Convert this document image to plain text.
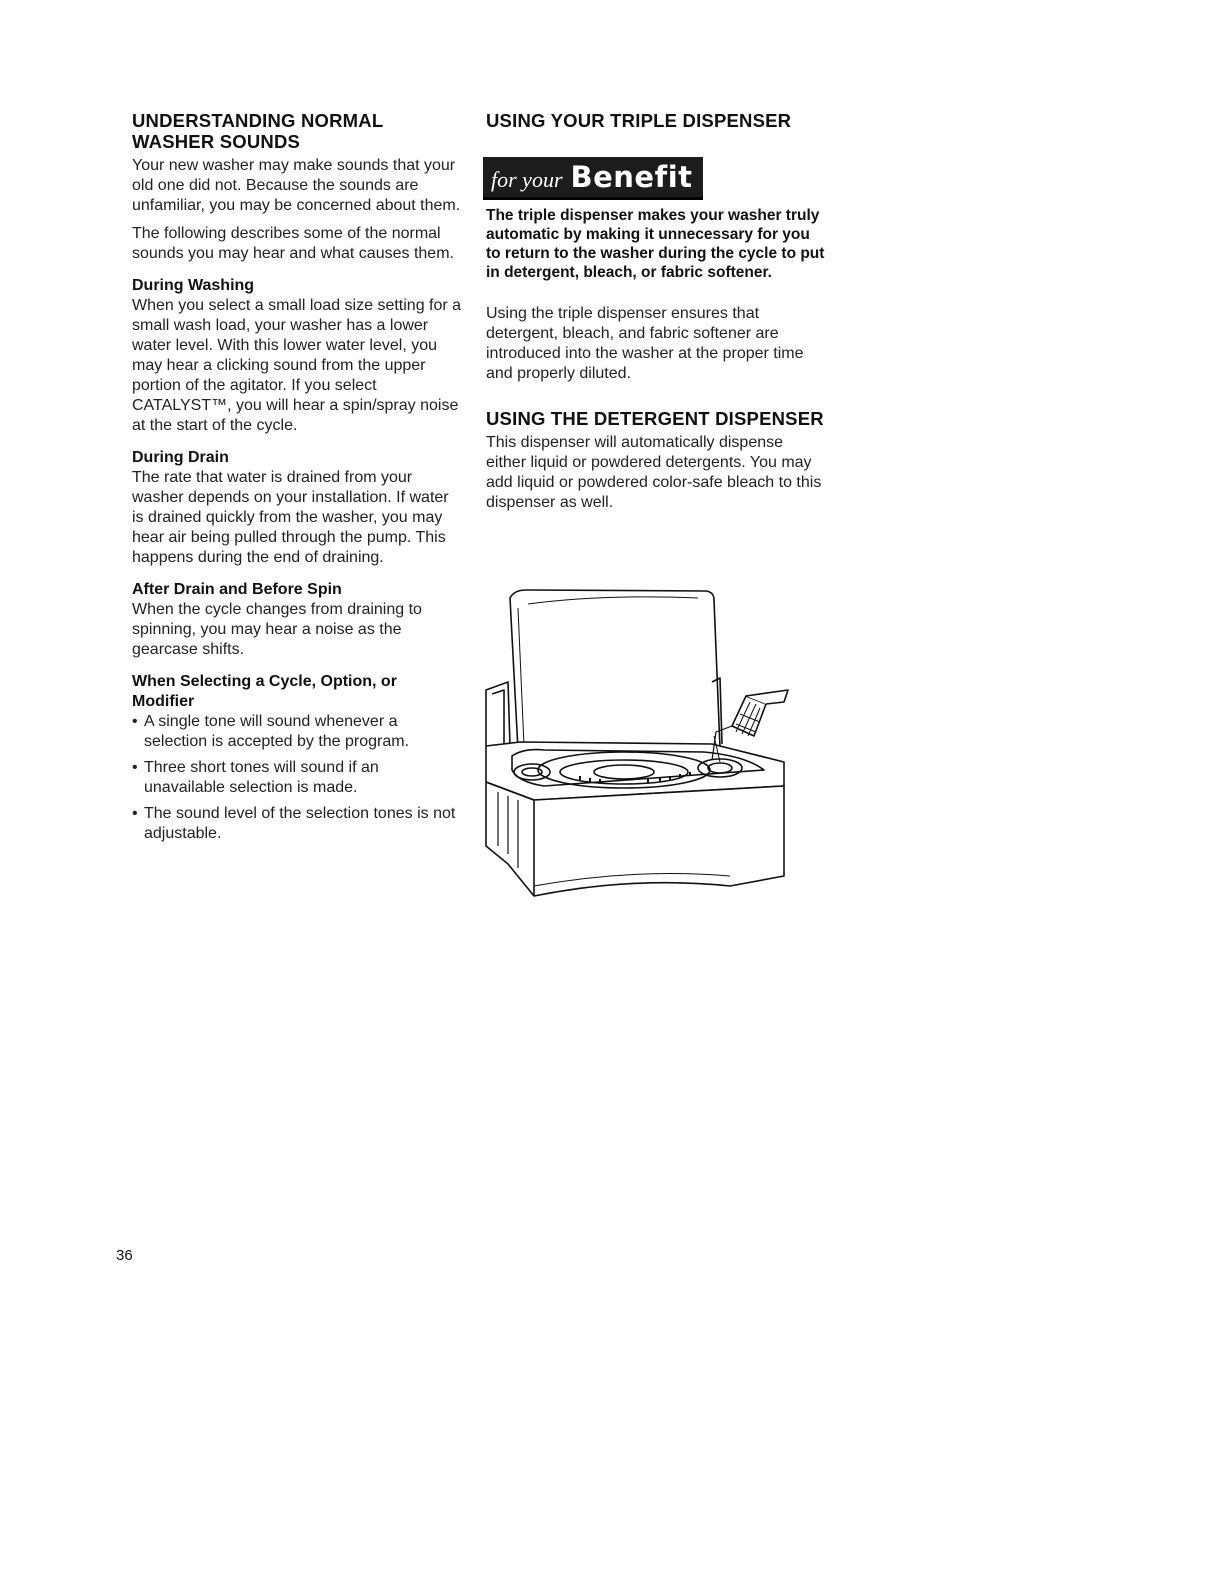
UNDERSTANDING NORMAL WASHER SOUNDS

Your new washer may make sounds that your old one did not. Because the sounds are unfamiliar, you may be concerned about them.

The following describes some of the normal sounds you may hear and what causes them.

During Washing

When you select a small load size setting for a small wash load, your washer has a lower water level. With this lower water level, you may hear a clicking sound from the upper portion of the agitator. If you select CATALYST™, you will hear a spin/spray noise at the start of the cycle.

During Drain

The rate that water is drained from your washer depends on your installation. If water is drained quickly from the washer, you may hear air being pulled through the pump. This happens during the end of draining.

After Drain and Before Spin

When the cycle changes from draining to spinning, you may hear a noise as the gearcase shifts.

When Selecting a Cycle, Option, or Modifier
• A single tone will sound whenever a selection is accepted by the program.
• Three short tones will sound if an unavailable selection is made.
• The sound level of the selection tones is not adjustable.
USING YOUR TRIPLE DISPENSER
for your Benefit

The triple dispenser makes your washer truly automatic by making it unnecessary for you to return to the washer during the cycle to put in detergent, bleach, or fabric softener.

Using the triple dispenser ensures that detergent, bleach, and fabric softener are introduced into the washer at the proper time and properly diluted.

USING THE DETERGENT DISPENSER

This dispenser will automatically dispense either liquid or powdered detergents. You may add liquid or powdered color-safe bleach to this dispenser as well.

36
